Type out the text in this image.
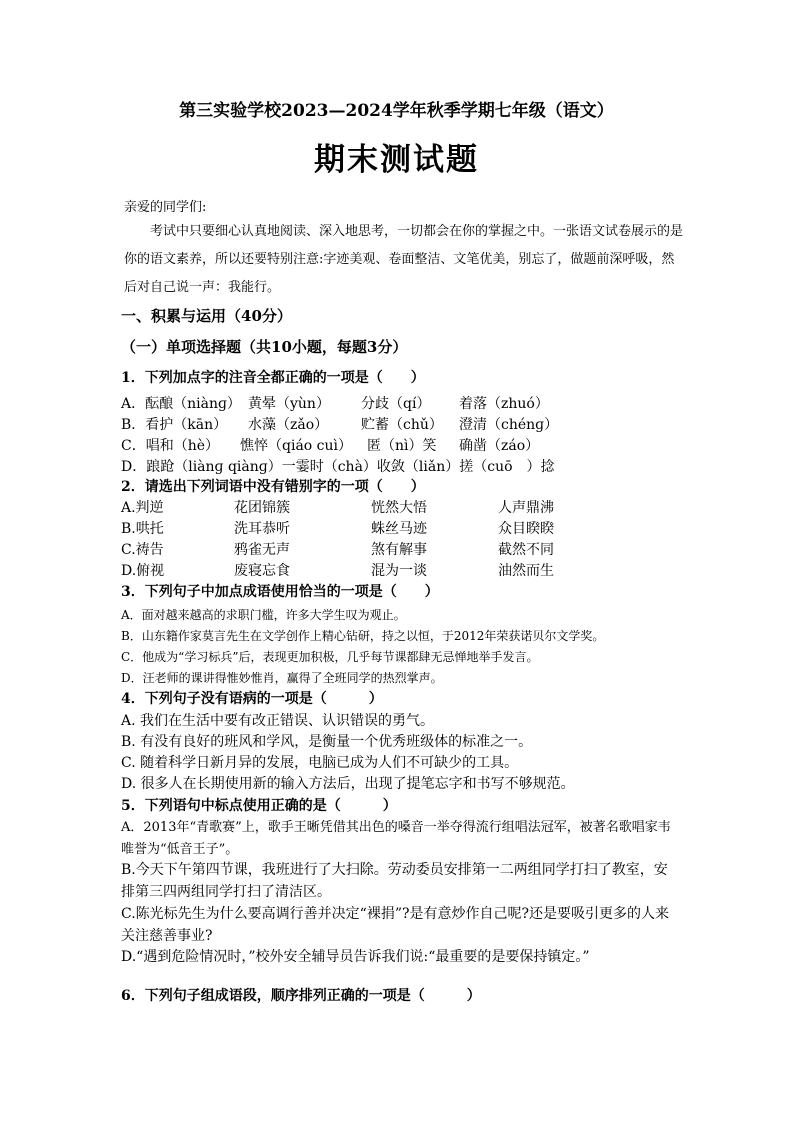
第三实验学校2023—2024学年秋季学期七年级（语文）
期末测试题
亲爱的同学们:
考试中只要细心认真地阅读、深入地思考，一切都会在你的掌握之中。一张语文试卷展示的是你的语文素养，所以还要特别注意:字迹美观、卷面整洁、文笔优美，别忘了，做题前深呼吸，然后对自己说一声：我能行。
一、积累与运用（40分）
（一）单项选择题（共10小题，每题3分）
1．下列加点字的注音全都正确的一项是（　　）
A．酝酿（niànɡ） 黄晕（yùn） 分歧（qí） 着落（zhuó）
B．看护（kān） 水藻（zǎo） 贮蓄（chǔ） 澄清（chénɡ）
C．唱和（hè） 憔悴（qiáo cuì） 匿（nì）笑 确凿（záo）
D．踉跄（liànɡ qiànɡ）一霎时（chà）收敛（liǎn）搓（cuō　）捻
2．请选出下列词语中没有错别字的一项（　　）
A.判逆	花团锦簇	恍然大悟	人声鼎沸
B.哄托	洗耳恭听	蛛丝马迹	众目睽睽
C.祷告	鸦雀无声	煞有解事	截然不同
D.俯视	废寝忘食	混为一谈	油然而生
3．下列句子中加点成语使用恰当的一项是（　　）
A．面对越来越高的求职门槛，许多大学生叹为观止。
B．山东籍作家莫言先生在文学创作上精心钻研，持之以恒，于2012年荣获诺贝尔文学奖。
C．他成为“学习标兵”后，表现更加积极，几乎每节课都肆无忌惮地举手发言。
D．汪老师的课讲得惟妙惟肖，赢得了全班同学的热烈掌声。
4．下列句子没有语病的一项是（　　　）
A. 我们在生活中要有改正错误、认识错误的勇气。
B. 有没有良好的班风和学风，是衡量一个优秀班级体的标准之一。
C. 随着科学日新月异的发展，电脑已成为人们不可缺少的工具。
D. 很多人在长期使用新的输入方法后，出现了提笔忘字和书写不够规范。
5．下列语句中标点使用正确的是（　　　）
A．2013年“青歌赛”上，歌手王晰凭借其出色的嗓音一举夺得流行组唱法冠军，被著名歌唱家韦唯誉为“低音王子”。
B.今天下午第四节课，我班进行了大扫除。劳动委员安排第一二两组同学打扫了教室，安排第三四两组同学打扫了清洁区。
C.陈光标先生为什么要高调行善并决定“裸捐”?是有意炒作自己呢?还是要吸引更多的人来关注慈善事业?
D.“遇到危险情况时，”校外安全辅导员告诉我们说:“最重要的是要保持镇定。”
6．下列句子组成语段，顺序排列正确的一项是（　　　）
